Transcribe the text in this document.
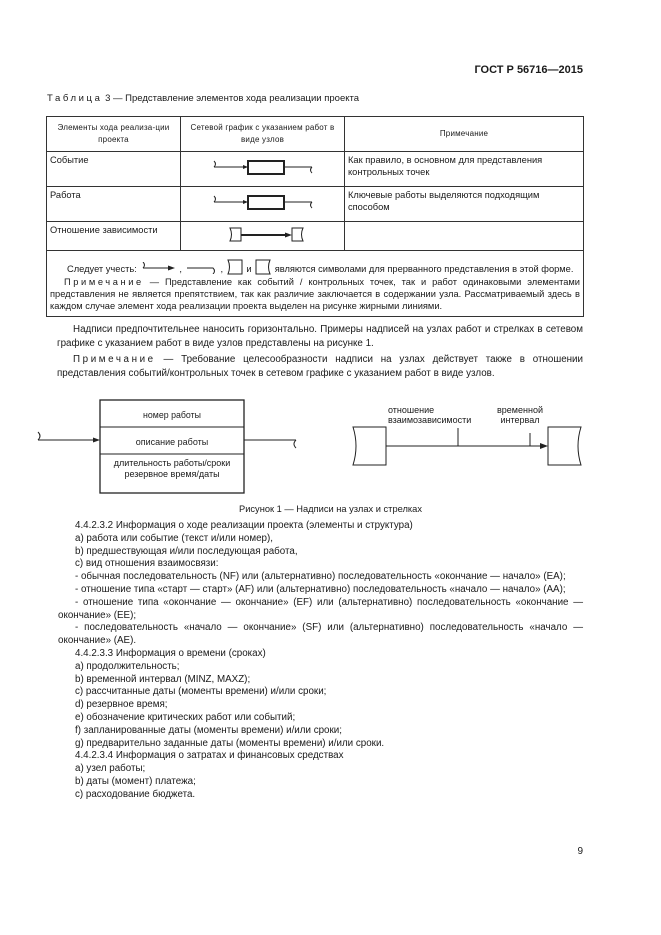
ГОСТ Р 56716—2015
Таблица 3 — Представление элементов хода реализации проекта
Элементы хода реализа-ции проекта	Сетевой график с указанием работ в виде узлов	Примечание
Событие		Как правило, в основном для представления контрольных точек
Работа		Ключевые работы выделяются подходящим способом
Отношение зависимости	

Следует учесть: , ,  и являются символами для прерванного представления в этой форме.
Примечание — Представление как событий / контрольных точек, так и работ одинаковыми элементами представления не является препятствием, так как различие заключается в содержании узла. Рассматриваемый здесь в каждом случае элемент хода реализации проекта выделен на рисунке жирными линиями.		
Надписи предпочтительнее наносить горизонтально. Примеры надписей на узлах работ и стрелках в сетевом графике с указанием работ в виде узлов представлены на рисунке 1.
Примечание — Требование целесообразности надписи на узлах действует также в отношении представления событий/контрольных точек в сетевом графике с указанием работ в виде узлов.
номер работы
описание работы
длительность работы/сроки резервное время/даты
отношение взаимозависимости
временной интервал
Рисунок 1 — Надписи на узлах и стрелках
4.4.2.3.2 Информация о ходе реализации проекта (элементы и структура)
a) работа или событие (текст и/или номер),
b) предшествующая и/или последующая работа,
c) вид отношения взаимосвязи:
- обычная последовательность (NF) или (альтернативно) последовательность «окончание — начало» (EA);
- отношение типа «старт — старт» (AF) или (альтернативно) последовательность «начало — начало» (AA);
- отношение типа «окончание — окончание» (EF) или (альтернативно) последовательность «окончание — окончание» (EE);
- последовательность «начало — окончание» (SF) или (альтернативно) последовательность «начало — окончание» (AE).
4.4.2.3.3 Информация о времени (сроках)
a) продолжительность;
b) временной интервал (MINZ, MAXZ);
c) рассчитанные даты (моменты времени) и/или сроки;
d) резервное время;
e) обозначение критических работ или событий;
f) запланированные даты (моменты времени) и/или сроки;
g) предварительно заданные даты (моменты времени) и/или сроки.
4.4.2.3.4 Информация о затратах и финансовых средствах
a) узел работы;
b) даты (момент) платежа;
c) расходование бюджета.
9
